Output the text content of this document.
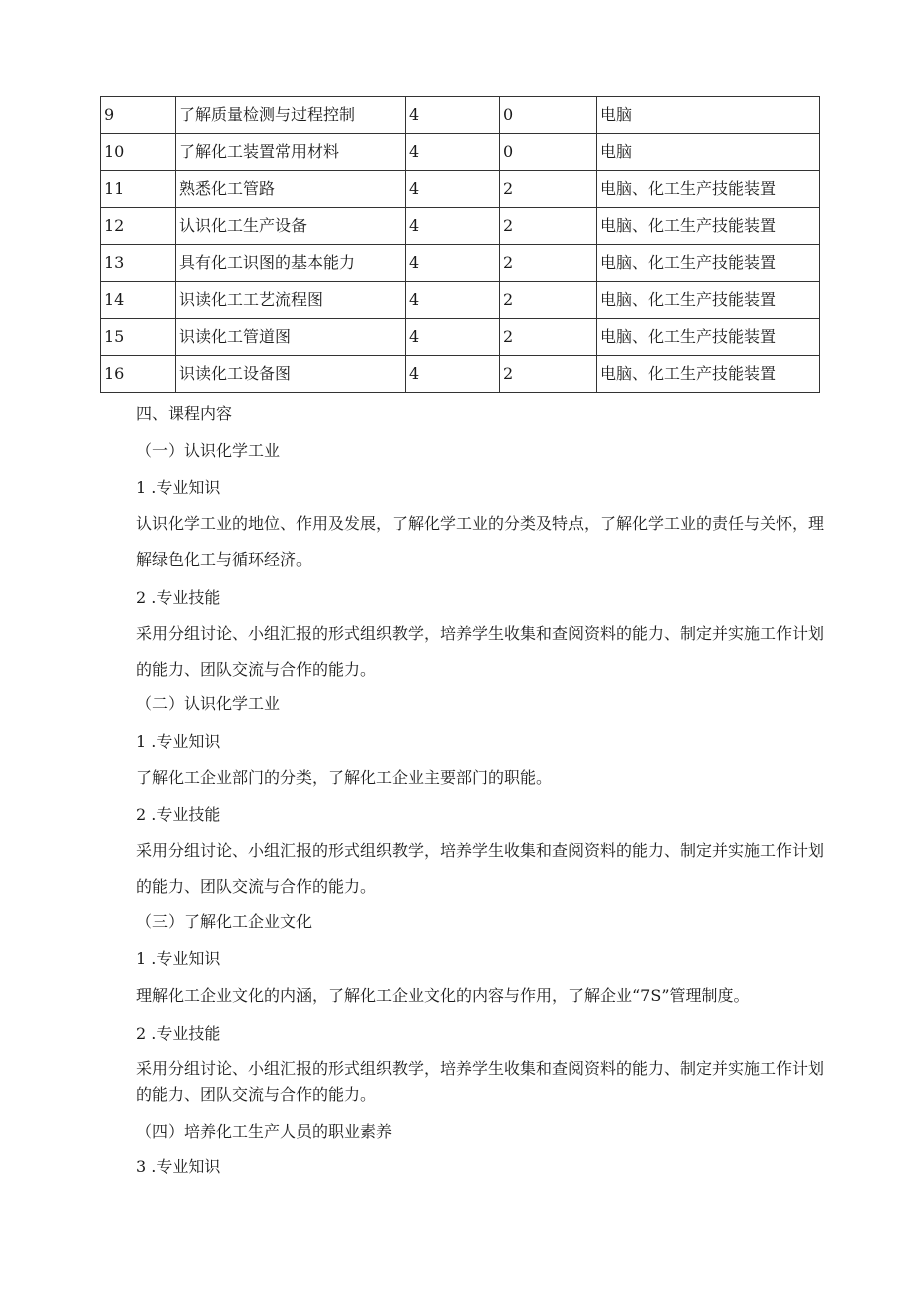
9	了解质量检测与过程控制	4	0	电脑
10	了解化工装置常用材料	4	0	电脑
11	熟悉化工管路	4	2	电脑、化工生产技能装置
12	认识化工生产设备	4	2	电脑、化工生产技能装置
13	具有化工识图的基本能力	4	2	电脑、化工生产技能装置
14	识读化工工艺流程图	4	2	电脑、化工生产技能装置
15	识读化工管道图	4	2	电脑、化工生产技能装置
16	识读化工设备图	4	2	电脑、化工生产技能装置
四、课程内容
（一）认识化学工业
1 .专业知识
认识化学工业的地位、作用及发展，了解化学工业的分类及特点，了解化学工业的责任与关怀，理解绿色化工与循环经济。
2 .专业技能
采用分组讨论、小组汇报的形式组织教学，培养学生收集和查阅资料的能力、制定并实施工作计划的能力、团队交流与合作的能力。
（二）认识化学工业
1 .专业知识
了解化工企业部门的分类，了解化工企业主要部门的职能。
2 .专业技能
采用分组讨论、小组汇报的形式组织教学，培养学生收集和查阅资料的能力、制定并实施工作计划的能力、团队交流与合作的能力。
（三）了解化工企业文化
1 .专业知识
理解化工企业文化的内涵，了解化工企业文化的内容与作用，了解企业“7S”管理制度。
2 .专业技能
采用分组讨论、小组汇报的形式组织教学，培养学生收集和查阅资料的能力、制定并实施工作计划的能力、团队交流与合作的能力。
（四）培养化工生产人员的职业素养
3 .专业知识
